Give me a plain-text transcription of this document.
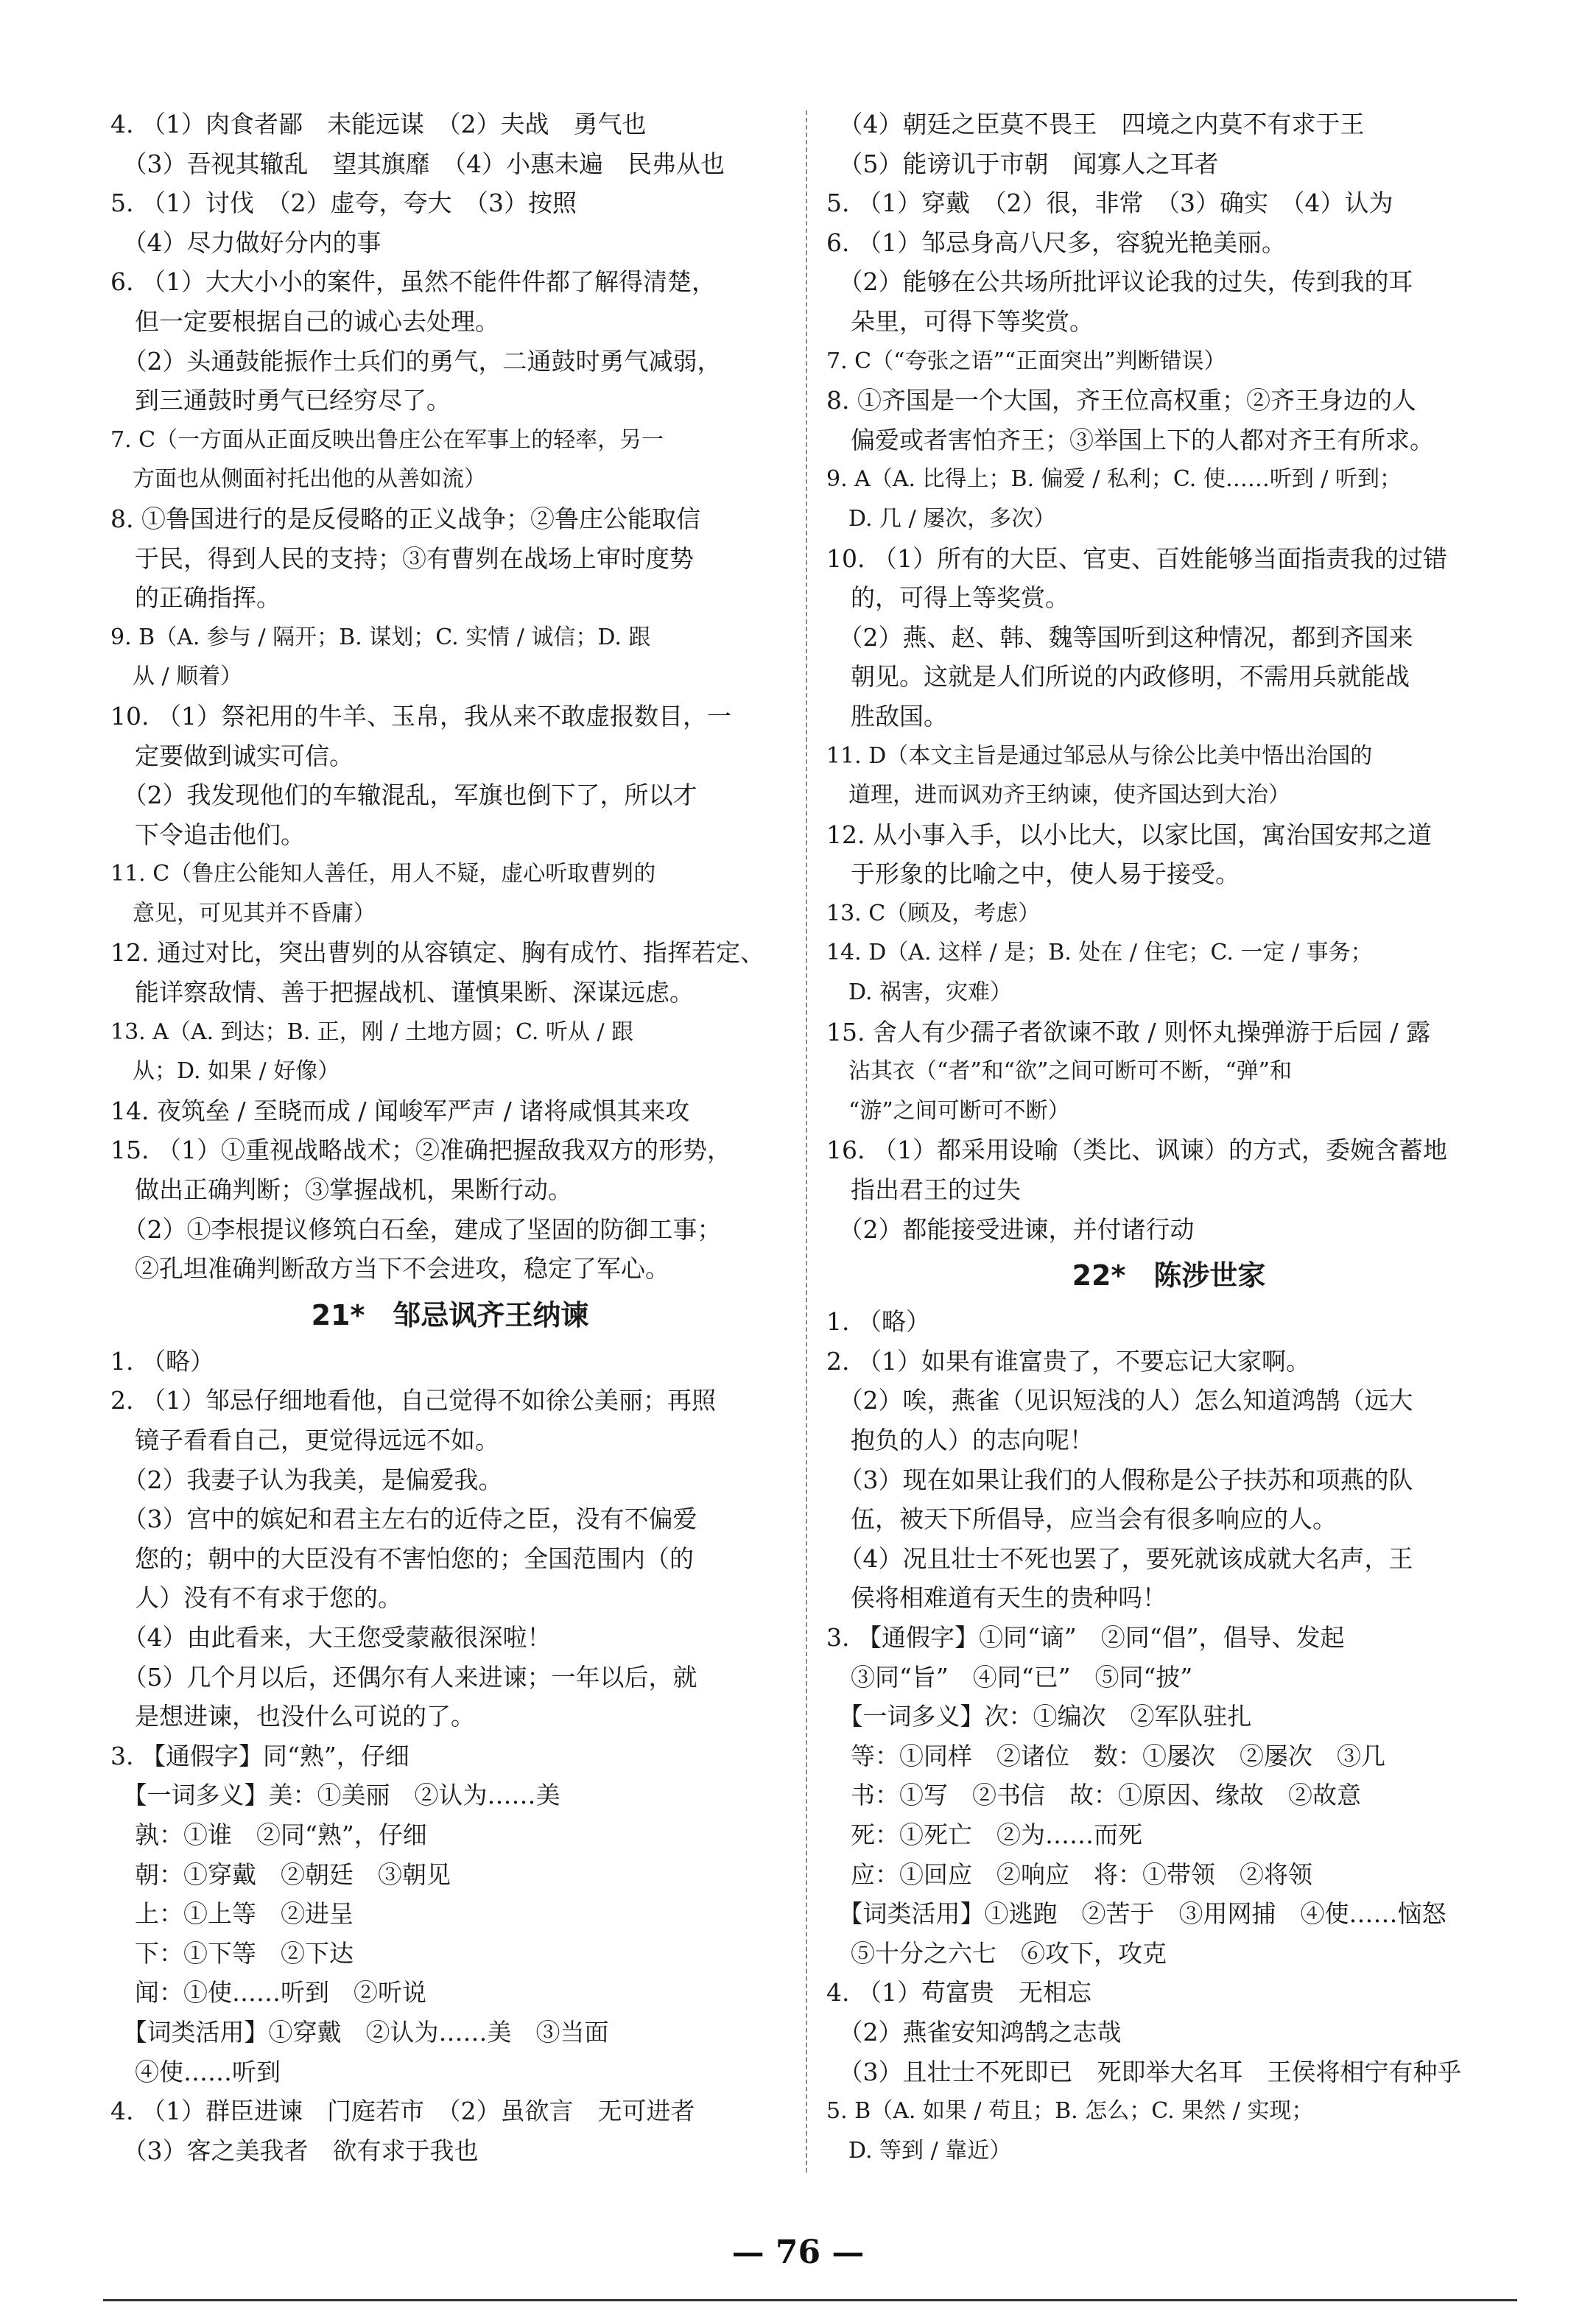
4. （1）肉食者鄙　未能远谋　（2）夫战　勇气也
　（3）吾视其辙乱　望其旗靡　（4）小惠未遍　民弗从也
5. （1）讨伐　（2）虚夸，夸大　（3）按照
　（4）尽力做好分内的事
6. （1）大大小小的案件，虽然不能件件都了解得清楚，
　但一定要根据自己的诚心去处理。
　（2）头通鼓能振作士兵们的勇气，二通鼓时勇气减弱，
　到三通鼓时勇气已经穷尽了。
7. C（一方面从正面反映出鲁庄公在军事上的轻率，另一
　方面也从侧面衬托出他的从善如流）
8. ①鲁国进行的是反侵略的正义战争；②鲁庄公能取信
　于民，得到人民的支持；③有曹刿在战场上审时度势
　的正确指挥。
9. B（A. 参与 / 隔开；B. 谋划；C. 实情 / 诚信；D. 跟
　从 / 顺着）
10. （1）祭祀用的牛羊、玉帛，我从来不敢虚报数目，一
　定要做到诚实可信。
　（2）我发现他们的车辙混乱，军旗也倒下了，所以才
　下令追击他们。
11. C（鲁庄公能知人善任，用人不疑，虚心听取曹刿的
　意见，可见其并不昏庸）
12. 通过对比，突出曹刿的从容镇定、胸有成竹、指挥若定、
　能详察敌情、善于把握战机、谨慎果断、深谋远虑。
13. A（A. 到达；B. 正，刚 / 土地方圆；C. 听从 / 跟
　从；D. 如果 / 好像）
14. 夜筑垒 / 至晓而成 / 闻峻军严声 / 诸将咸惧其来攻
15. （1）①重视战略战术；②准确把握敌我双方的形势，
　做出正确判断；③掌握战机，果断行动。
　（2）①李根提议修筑白石垒，建成了坚固的防御工事；
　②孔坦准确判断敌方当下不会进攻，稳定了军心。
21*　邹忌讽齐王纳谏
1. （略）
2. （1）邹忌仔细地看他，自己觉得不如徐公美丽；再照
　镜子看看自己，更觉得远远不如。
　（2）我妻子认为我美，是偏爱我。
　（3）宫中的嫔妃和君主左右的近侍之臣，没有不偏爱
　您的；朝中的大臣没有不害怕您的；全国范围内（的
　人）没有不有求于您的。
　（4）由此看来，大王您受蒙蔽很深啦！
　（5）几个月以后，还偶尔有人来进谏；一年以后，就
　是想进谏，也没什么可说的了。
3. 【通假字】同“熟”，仔细
　【一词多义】美：①美丽　②认为……美
　孰：①谁　②同“熟”，仔细
　朝：①穿戴　②朝廷　③朝见
　上：①上等　②进呈
　下：①下等　②下达
　闻：①使……听到　②听说
　【词类活用】①穿戴　②认为……美　③当面
　④使……听到
4. （1）群臣进谏　门庭若市　（2）虽欲言　无可进者
　（3）客之美我者　欲有求于我也
　（4）朝廷之臣莫不畏王　四境之内莫不有求于王
　（5）能谤讥于市朝　闻寡人之耳者
5. （1）穿戴　（2）很，非常　（3）确实　（4）认为
6. （1）邹忌身高八尺多，容貌光艳美丽。
　（2）能够在公共场所批评议论我的过失，传到我的耳
　朵里，可得下等奖赏。
7. C（“夸张之语”“正面突出”判断错误）
8. ①齐国是一个大国，齐王位高权重；②齐王身边的人
　偏爱或者害怕齐王；③举国上下的人都对齐王有所求。
9. A（A. 比得上；B. 偏爱 / 私利；C. 使……听到 / 听到；
　D. 几 / 屡次，多次）
10. （1）所有的大臣、官吏、百姓能够当面指责我的过错
　的，可得上等奖赏。
　（2）燕、赵、韩、魏等国听到这种情况，都到齐国来
　朝见。这就是人们所说的内政修明，不需用兵就能战
　胜敌国。
11. D（本文主旨是通过邹忌从与徐公比美中悟出治国的
　道理，进而讽劝齐王纳谏，使齐国达到大治）
12. 从小事入手，以小比大，以家比国，寓治国安邦之道
　于形象的比喻之中，使人易于接受。
13. C（顾及，考虑）
14. D（A. 这样 / 是；B. 处在 / 住宅；C. 一定 / 事务；
　D. 祸害，灾难）
15. 舍人有少孺子者欲谏不敢 / 则怀丸操弹游于后园 / 露
　沾其衣（“者”和“欲”之间可断可不断，“弹”和
　“游”之间可断可不断）
16. （1）都采用设喻（类比、讽谏）的方式，委婉含蓄地
　指出君王的过失
　（2）都能接受进谏，并付诸行动
22*　陈涉世家
1. （略）
2. （1）如果有谁富贵了，不要忘记大家啊。
　（2）唉，燕雀（见识短浅的人）怎么知道鸿鹄（远大
　抱负的人）的志向呢！
　（3）现在如果让我们的人假称是公子扶苏和项燕的队
　伍，被天下所倡导，应当会有很多响应的人。
　（4）况且壮士不死也罢了，要死就该成就大名声，王
　侯将相难道有天生的贵种吗！
3. 【通假字】①同“谪”　②同“倡”，倡导、发起
　③同“旨”　④同“已”　⑤同“披”
　【一词多义】次：①编次　②军队驻扎
　等：①同样　②诸位　数：①屡次　②屡次　③几
　书：①写　②书信　故：①原因、缘故　②故意
　死：①死亡　②为……而死
　应：①回应　②响应　将：①带领　②将领
　【词类活用】①逃跑　②苦于　③用网捕　④使……恼怒
　⑤十分之六七　⑥攻下，攻克
4. （1）苟富贵　无相忘
　（2）燕雀安知鸿鹄之志哉
　（3）且壮士不死即已　死即举大名耳　王侯将相宁有种乎
5. B（A. 如果 / 苟且；B. 怎么；C. 果然 / 实现；
　D. 等到 / 靠近）
— 76 —
